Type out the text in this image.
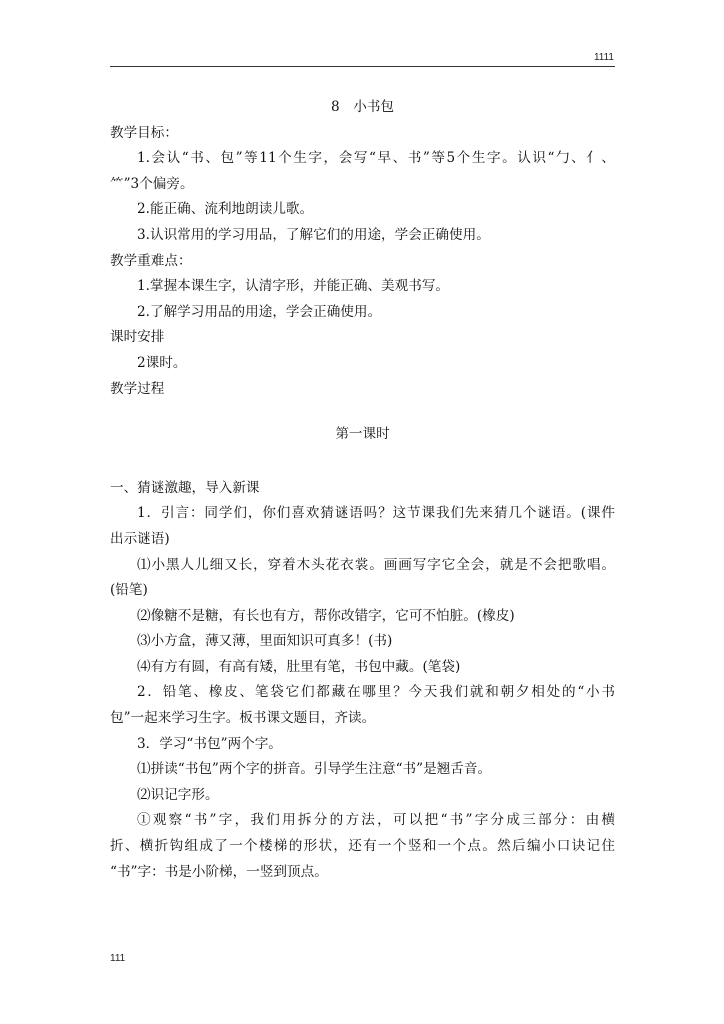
1111
8　小书包
教学目标：
1.会认“书、包”等11个生字，会写“早、书”等5个生字。认识“勹、亻、
⺮”3个偏旁。
2.能正确、流利地朗读儿歌。
3.认识常用的学习用品，了解它们的用途，学会正确使用。
教学重难点：
1.掌握本课生字，认清字形，并能正确、美观书写。
2.了解学习用品的用途，学会正确使用。
课时安排
2课时。
教学过程
第一课时
一、猜谜激趣，导入新课
1．引言：同学们，你们喜欢猜谜语吗？这节课我们先来猜几个谜语。(课件
出示谜语)
⑴小黑人儿细又长，穿着木头花衣裳。画画写字它全会，就是不会把歌唱。
(铅笔)
⑵像糖不是糖，有长也有方，帮你改错字，它可不怕脏。(橡皮)
⑶小方盒，薄又薄，里面知识可真多！(书)
⑷有方有圆，有高有矮，肚里有笔，书包中藏。(笔袋)
2．铅笔、橡皮、笔袋它们都藏在哪里？今天我们就和朝夕相处的“小书
包”一起来学习生字。板书课文题目，齐读。
3．学习“书包”两个字。
⑴拼读“书包”两个字的拼音。引导学生注意“书”是翘舌音。
⑵识记字形。
①观察“书”字，我们用拆分的方法，可以把“书”字分成三部分：由横
折、横折钩组成了一个楼梯的形状，还有一个竖和一个点。然后编小口诀记住
“书”字：书是小阶梯，一竖到顶点。
111
